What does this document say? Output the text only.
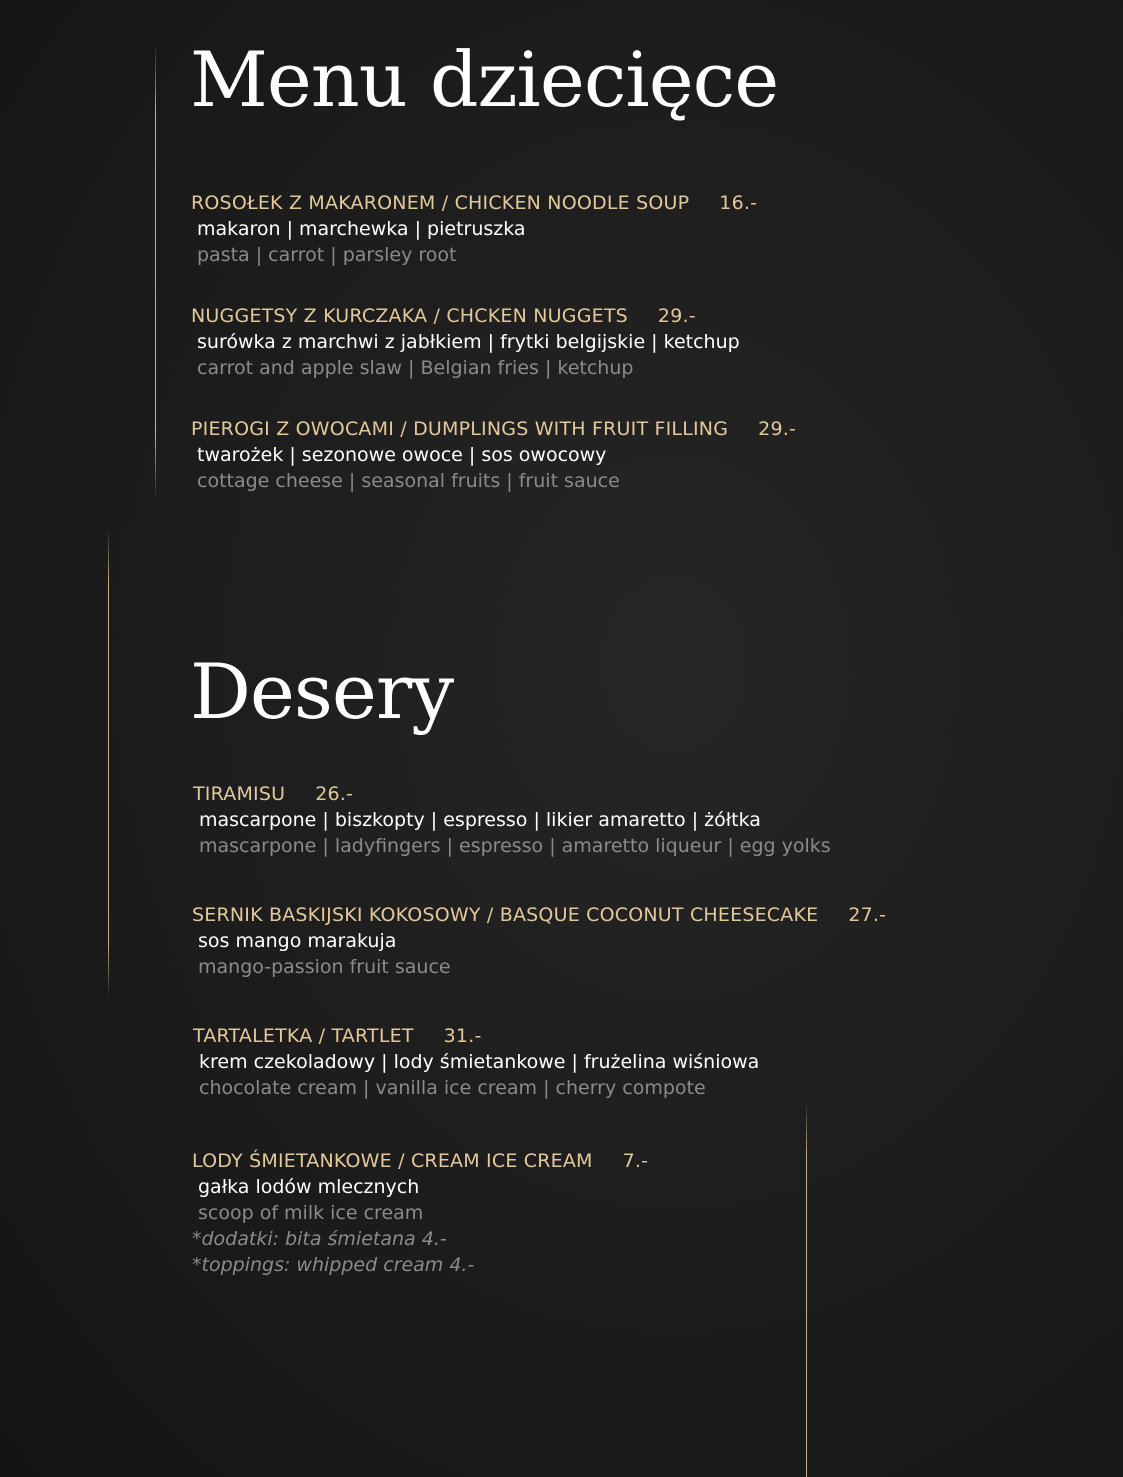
Menu dziecięce
ROSOŁEK Z MAKARONEM / CHICKEN NOODLE SOUP 16.-
makaron | marchewka | pietruszka
pasta | carrot | parsley root
NUGGETSY Z KURCZAKA / CHCKEN NUGGETS 29.-
surówka z marchwi z jabłkiem | frytki belgijskie | ketchup
carrot and apple slaw | Belgian fries | ketchup
PIEROGI Z OWOCAMI / DUMPLINGS WITH FRUIT FILLING 29.-
twarożek | sezonowe owoce | sos owocowy
cottage cheese | seasonal fruits | fruit sauce
Desery
TIRAMISU 26.-
mascarpone | biszkopty | espresso | likier amaretto | żółtka
mascarpone | ladyfingers | espresso | amaretto liqueur | egg yolks
SERNIK BASKIJSKI KOKOSOWY / BASQUE COCONUT CHEESECAKE 27.-
sos mango marakuja
mango-passion fruit sauce
TARTALETKA / TARTLET 31.-
krem czekoladowy | lody śmietankowe | frużelina wiśniowa
chocolate cream | vanilla ice cream | cherry compote
LODY ŚMIETANKOWE / CREAM ICE CREAM 7.-
gałka lodów mlecznych
scoop of milk ice cream
*dodatki: bita śmietana 4.-
*toppings: whipped cream 4.-
